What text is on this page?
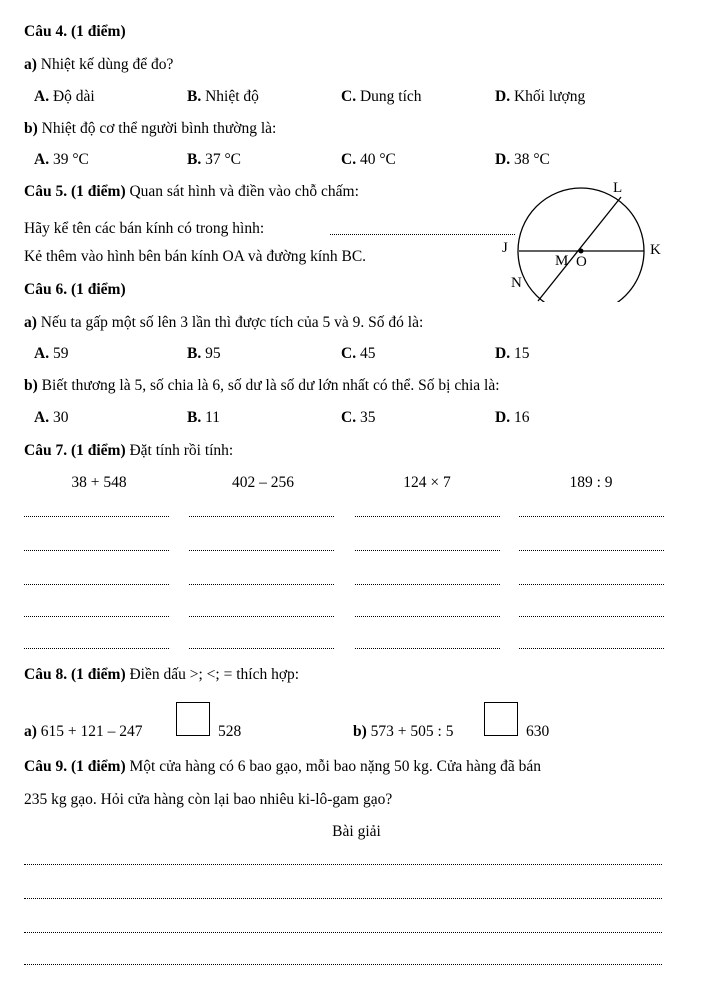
Câu 4. (1 điểm)
a) Nhiệt kế dùng để đo?
A. Độ dài	B. Nhiệt độ	C. Dung tích	D. Khối lượng
b) Nhiệt độ cơ thể người bình thường là:
A. 39 °C	B. 37 °C	C. 40 °C	D. 38 °C
Câu 5. (1 điểm) Quan sát hình và điền vào chỗ chấm:
Hãy kể tên các bán kính có trong hình:
Kẻ thêm vào hình bên bán kính OA và đường kính BC.
L
J	K
M O
N
Câu 6. (1 điểm)
a) Nếu ta gấp một số lên 3 lần thì được tích của 5 và 9. Số đó là:
A. 59	B. 95	C. 45	D. 15
b) Biết thương là 5, số chia là 6, số dư là số dư lớn nhất có thể. Số bị chia là:
A. 30	B. 11	C. 35	D. 16
Câu 7. (1 điểm) Đặt tính rồi tính:
38 + 548	402 – 256	124 × 7	189 : 9
Câu 8. (1 điểm) Điền dấu >; <; = thích hợp:
a) 615 + 121 – 247	528	b) 573 + 505 : 5	630
Câu 9. (1 điểm) Một cửa hàng có 6 bao gạo, mỗi bao nặng 50 kg. Cửa hàng đã bán
235 kg gạo. Hỏi cửa hàng còn lại bao nhiêu ki-lô-gam gạo?
Bài giải
